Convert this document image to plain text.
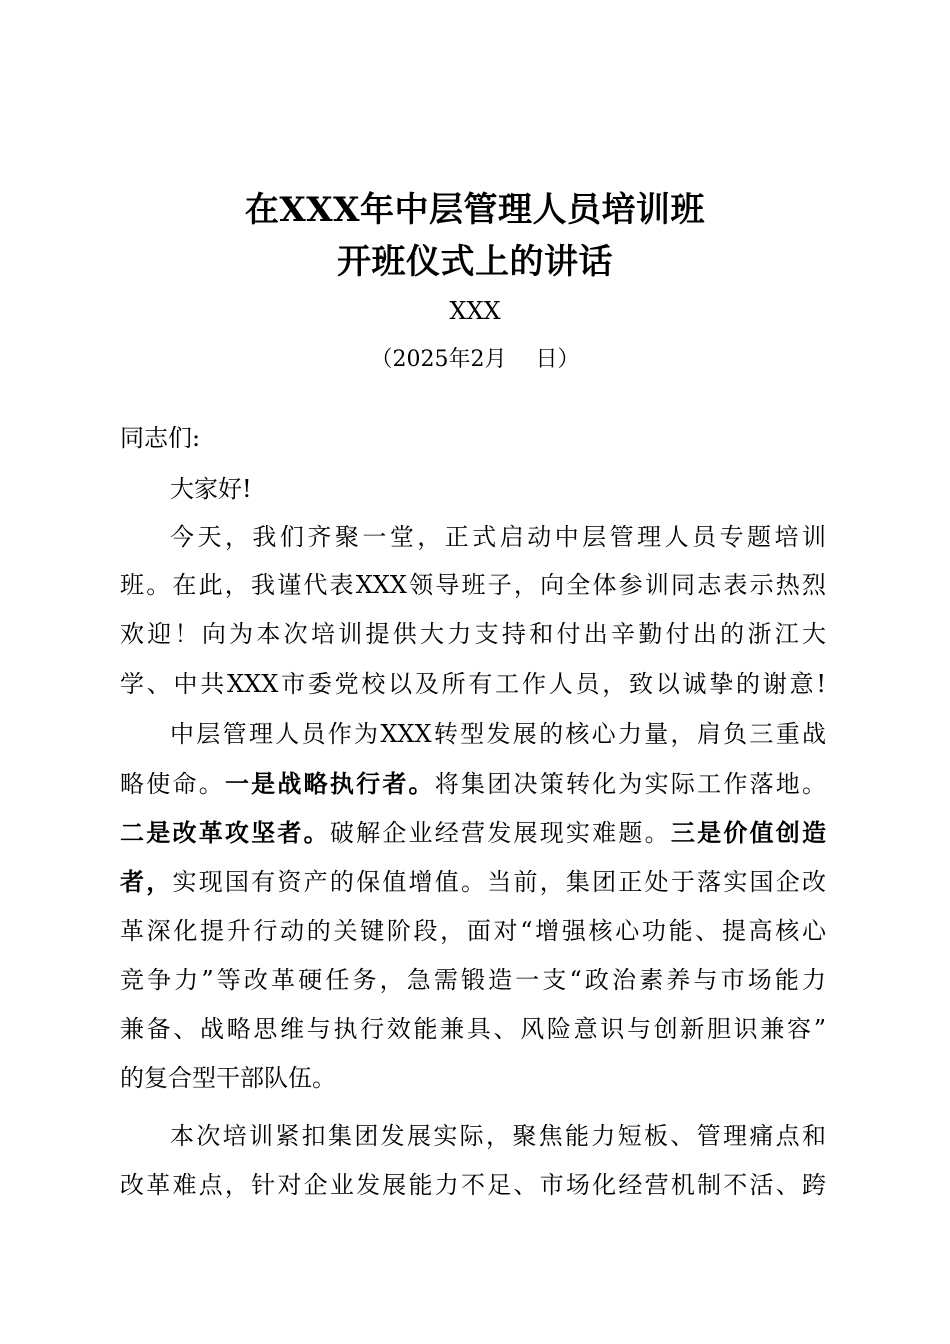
在XXX年中层管理人员培训班
开班仪式上的讲话
XXX
（2025年2月　 日）
同志们:
大家好!
今天，我们齐聚一堂，正式启动中层管理人员专题培训
班。在此，我谨代表XXX领导班子，向全体参训同志表示热烈
欢迎！向为本次培训提供大力支持和付出辛勤付出的浙江大
学、中共XXX市委党校以及所有工作人员，致以诚挚的谢意!
中层管理人员作为XXX转型发展的核心力量，肩负三重战
略使命。一是战略执行者。将集团决策转化为实际工作落地。
二是改革攻坚者。破解企业经营发展现实难题。三是价值创造
者，实现国有资产的保值增值。当前，集团正处于落实国企改
革深化提升行动的关键阶段，面对“增强核心功能、提高核心
竞争力”等改革硬任务，急需锻造一支“政治素养与市场能力
兼备、战略思维与执行效能兼具、风险意识与创新胆识兼容”
的复合型干部队伍。
本次培训紧扣集团发展实际，聚焦能力短板、管理痛点和
改革难点，针对企业发展能力不足、市场化经营机制不活、跨
